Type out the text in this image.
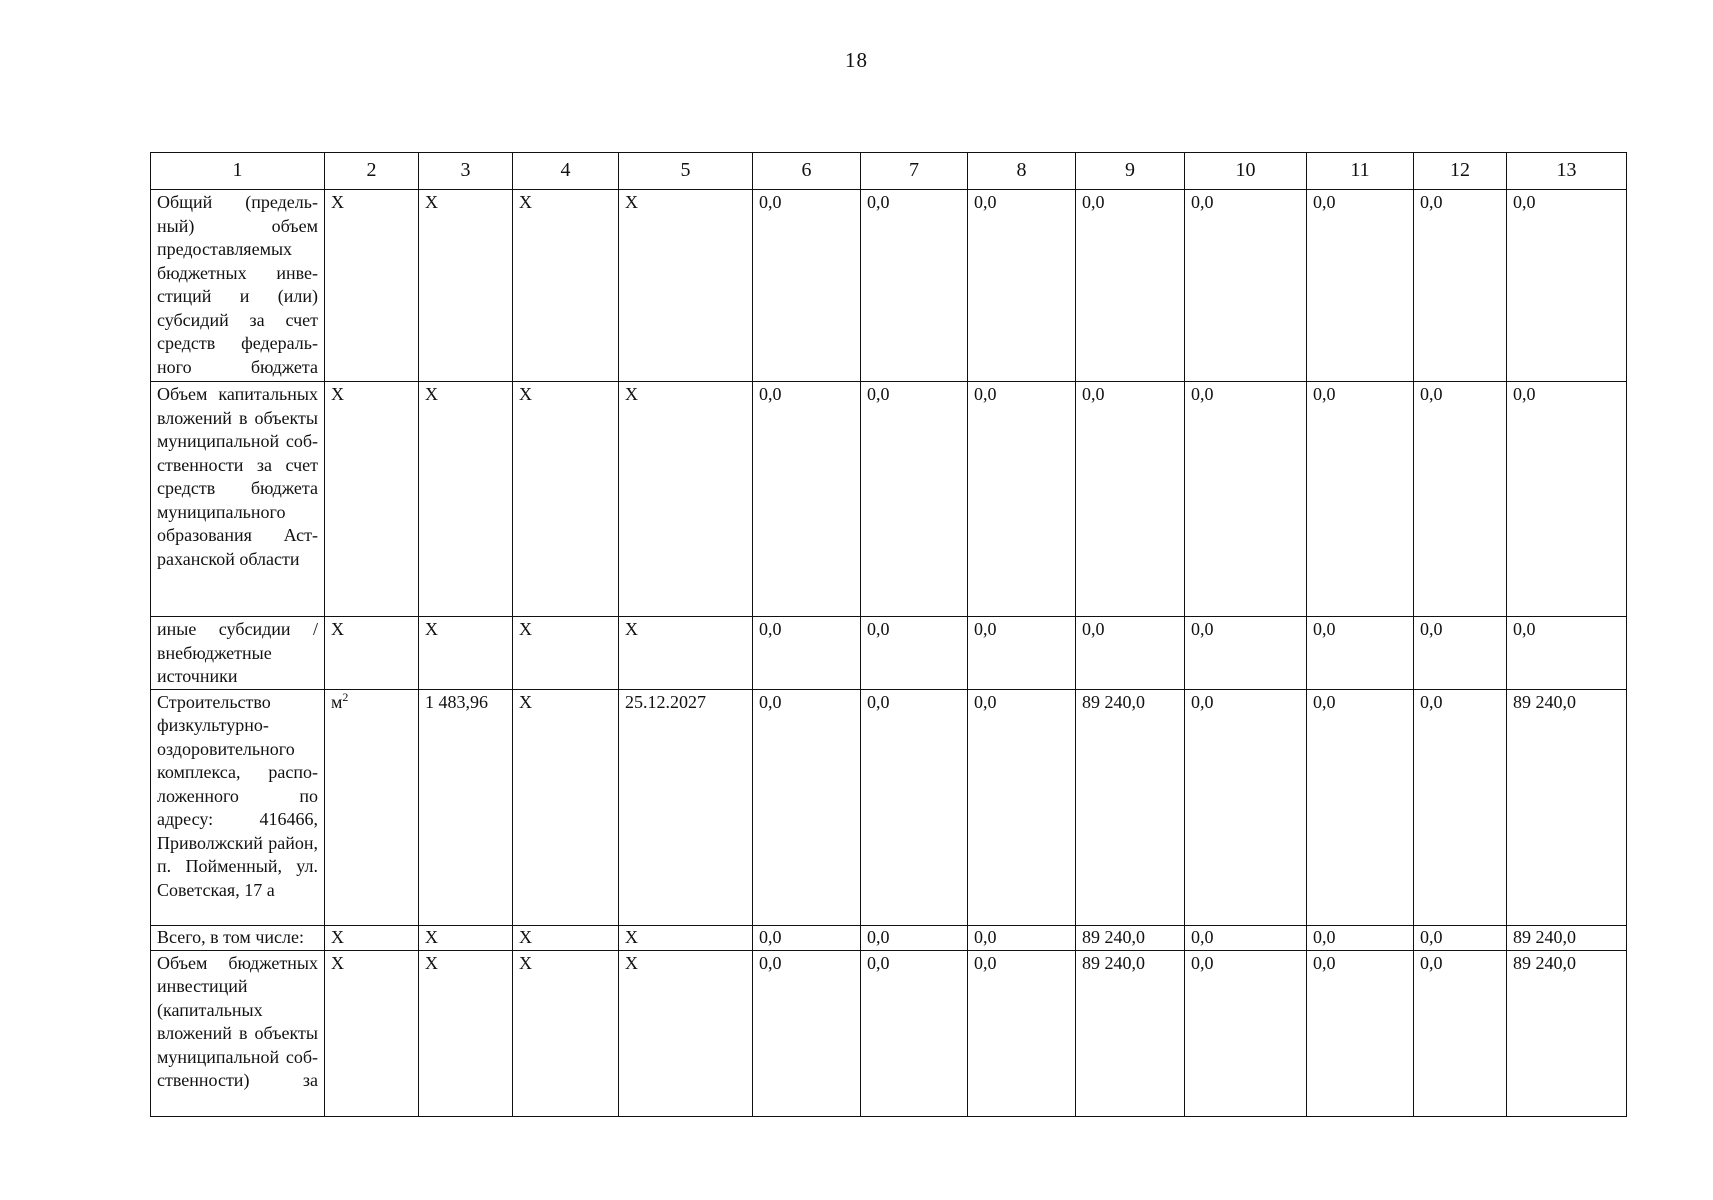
18
1	2	3	4	5	6	7	8	9	10	11	12	13
Общий (предельный) объем предоставляемых бюджетных инвестиций и (или) субсидий за счет средств федерального бюджета	X	X	X	X	0,0	0,0	0,0	0,0	0,0	0,0	0,0	0,0
Объем капитальных вложений в объекты муниципальной собственности за счет средств бюджета муниципального образования Астраханской области	X	X	X	X	0,0	0,0	0,0	0,0	0,0	0,0	0,0	0,0
иные субсидии / внебюджетные источники	X	X	X	X	0,0	0,0	0,0	0,0	0,0	0,0	0,0	0,0
Строительство физкультурно-оздоровительного комплекса, расположенного по адресу: 416466, Приволжский район, п. Пойменный, ул. Советская, 17 а	$м^2$	1 483,96	X	25.12.2027	0,0	0,0	0,0	89 240,0	0,0	0,0	0,0	89 240,0
Всего, в том числе:	X	X	X	X	0,0	0,0	0,0	89 240,0	0,0	0,0	0,0	89 240,0
Объем бюджетных инвестиций (капитальных вложений в объекты муниципальной собственности) за	X	X	X	X	0,0	0,0	0,0	89 240,0	0,0	0,0	0,0	89 240,0
